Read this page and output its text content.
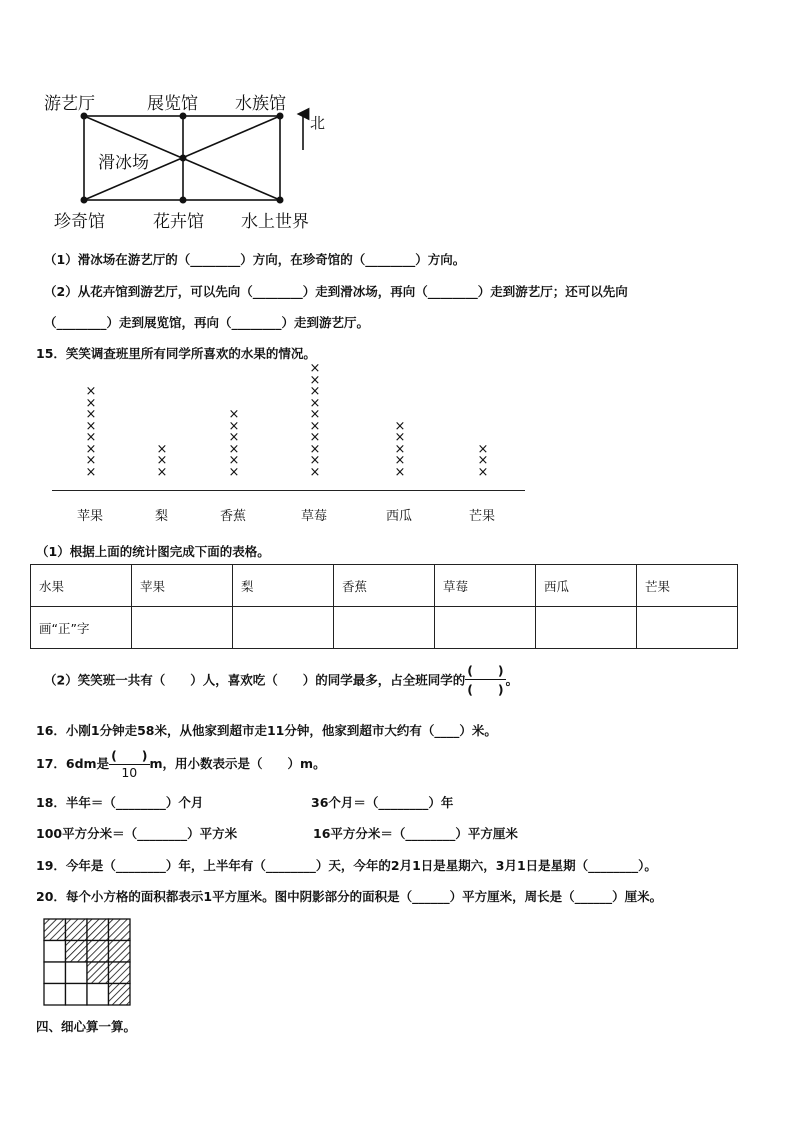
游艺厅	展览馆 水族馆
滑冰场
珍奇馆	花卉馆 水上世界
北
（1）滑冰场在游艺厅的（________）方向，在珍奇馆的（________）方向。
（2）从花卉馆到游艺厅，可以先向（________）走到滑冰场，再向（________）走到游艺厅；还可以先向
（________）走到展览馆，再向（________）走到游艺厅。
15．笑笑调查班里所有同学所喜欢的水果的情况。
×
×
×
×
×
×
×
×
×
×
×
×
×
×
×
×
×
×
×
×
×
×
×
×
×
×
×
×
×
×
×
×
×
×
×
苹果	梨	香蕉	草莓	西瓜	芒果
（1）根据上面的统计图完成下面的表格。
水果	苹果	梨	香蕉	草莓	西瓜	芒果
画“正”字						
（2）笑笑班一共有（　　）人，喜欢吃（　　）的同学最多，占全班同学的 $\frac{( )}{( )}$ 。
16．小刚1分钟走58米，从他家到超市走11分钟，他家到超市大约有（____）米。
17．6dm是 $\frac{( )}{10}$ m，用小数表示是（　　）m。
18．半年＝（________）个月	36个月＝（________）年
100平方分米＝（________）平方米	16平方分米＝（________）平方厘米
19．今年是（________）年，上半年有（________）天，今年的2月1日是星期六，3月1日是星期（________）。
20．每个小方格的面积都表示1平方厘米。图中阴影部分的面积是（______）平方厘米，周长是（______）厘米。
四、细心算一算。
